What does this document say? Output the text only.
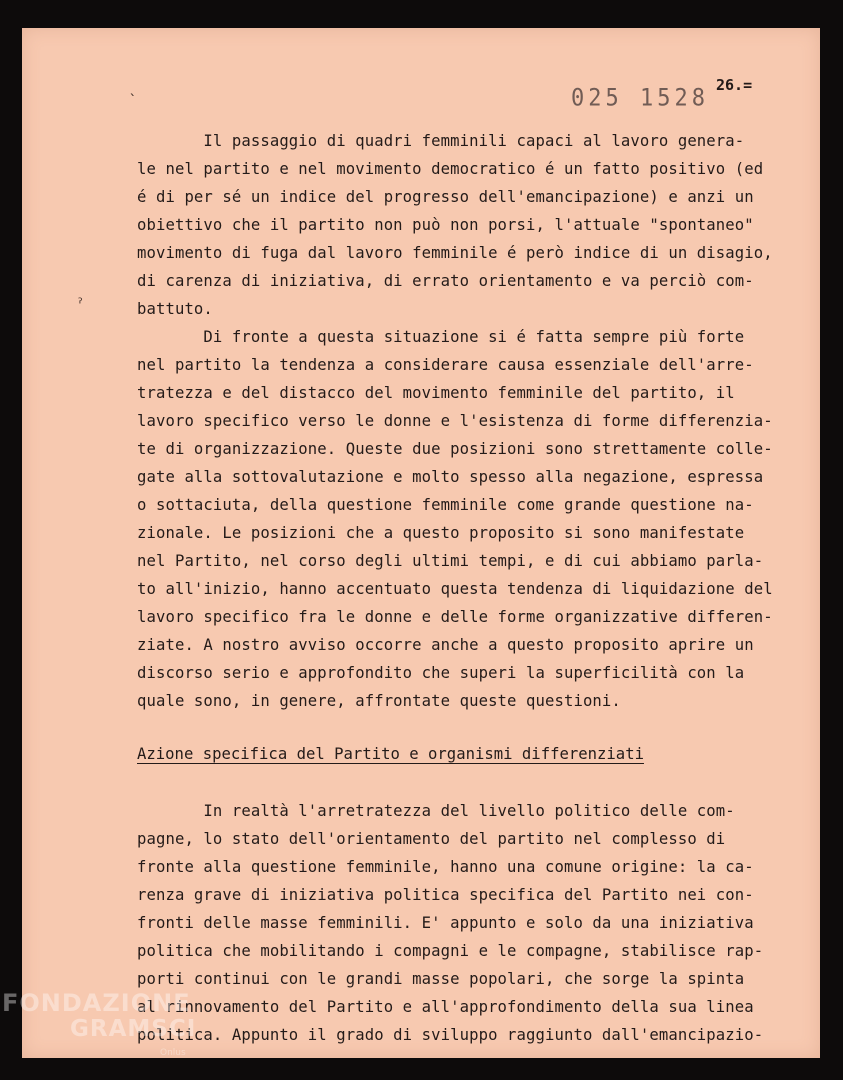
ˎ
ˀ
025 1528 26.=
Il passaggio di quadri femminili capaci al lavoro genera-
le nel partito e nel movimento democratico é un fatto positivo (ed
é di per sé un indice del progresso dell'emancipazione) e anzi un
obiettivo che il partito non può non porsi, l'attuale "spontaneo"
movimento di fuga dal lavoro femminile é però indice di un disagio,
di carenza di iniziativa, di errato orientamento e va perciò com-
battuto.
Di fronte a questa situazione si é fatta sempre più forte
nel partito la tendenza a considerare causa essenziale dell'arre-
tratezza e del distacco del movimento femminile del partito, il
lavoro specifico verso le donne e l'esistenza di forme differenzia-
te di organizzazione. Queste due posizioni sono strettamente colle-
gate alla sottovalutazione e molto spesso alla negazione, espressa
o sottaciuta, della questione femminile come grande questione na-
zionale. Le posizioni che a questo proposito si sono manifestate
nel Partito, nel corso degli ultimi tempi, e di cui abbiamo parla-
to all'inizio, hanno accentuato questa tendenza di liquidazione del
lavoro specifico fra le donne e delle forme organizzative differen-
ziate. A nostro avviso occorre anche a questo proposito aprire un
discorso serio e approfondito che superi la superficilità con la
quale sono, in genere, affrontate queste questioni.
Azione specifica del Partito e organismi differenziati
In realtà l'arretratezza del livello politico delle com-
pagne, lo stato dell'orientamento del partito nel complesso di
fronte alla questione femminile, hanno una comune origine: la ca-
renza grave di iniziativa politica specifica del Partito nei con-
fronti delle masse femminili. E' appunto e solo da una iniziativa
politica che mobilitando i compagni e le compagne, stabilisce rap-
porti continui con le grandi masse popolari, che sorge la spinta
al rinnovamento del Partito e all'approfondimento della sua linea
politica. Appunto il grado di sviluppo raggiunto dall'emancipazio-
FONDAZIONE
GRAMSCI
Onlus
